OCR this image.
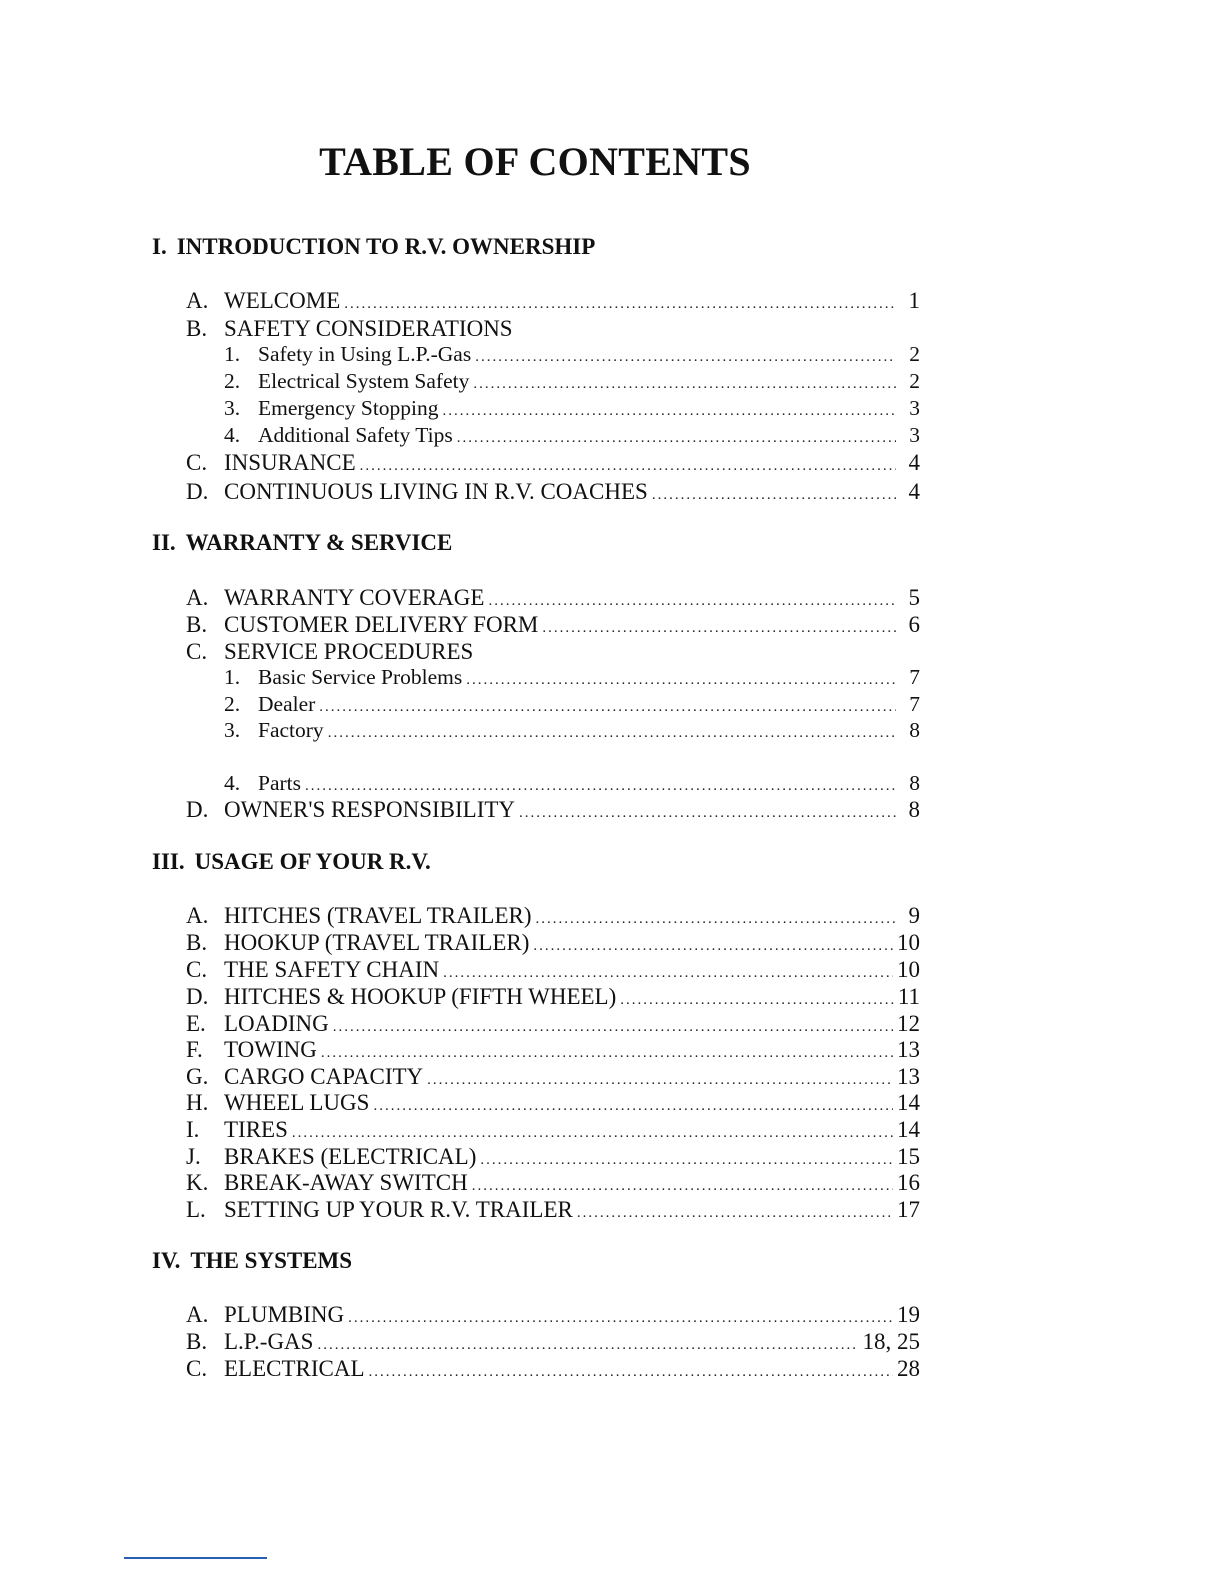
TABLE OF CONTENTS
I. INTRODUCTION TO R.V. OWNERSHIP
A. WELCOME .....	1
B. SAFETY CONSIDERATIONS
1. Safety in Using L.P.-Gas .....	2
2. Electrical System Safety .....	2
3. Emergency Stopping .....	3
4. Additional Safety Tips .....	3
C. INSURANCE .....	4
D. CONTINUOUS LIVING IN R.V. COACHES .....	4
II. WARRANTY & SERVICE
A. WARRANTY COVERAGE .....	5
B. CUSTOMER DELIVERY FORM .....	6
C. SERVICE PROCEDURES
1. Basic Service Problems .....	7
2. Dealer .....	7
3. Factory .....	8
4. Parts .....	8
D. OWNER'S RESPONSIBILITY .....	8
III. USAGE OF YOUR R.V.
A. HITCHES (TRAVEL TRAILER) .....	9
B. HOOKUP (TRAVEL TRAILER) .....	10
C. THE SAFETY CHAIN .....	10
D. HITCHES & HOOKUP (FIFTH WHEEL) .....	11
E. LOADING .....	12
F. TOWING .....	13
G. CARGO CAPACITY .....	13
H. WHEEL LUGS .....	14
I.	TIRES .....	14
J.	BRAKES (ELECTRICAL) .....	15
K. BREAK-AWAY SWITCH .....	16
L. SETTING UP YOUR R.V. TRAILER .....	17
IV. THE SYSTEMS
A. PLUMBING .....	19
B. L.P.-GAS .....	18, 25
C. ELECTRICAL .....	28
